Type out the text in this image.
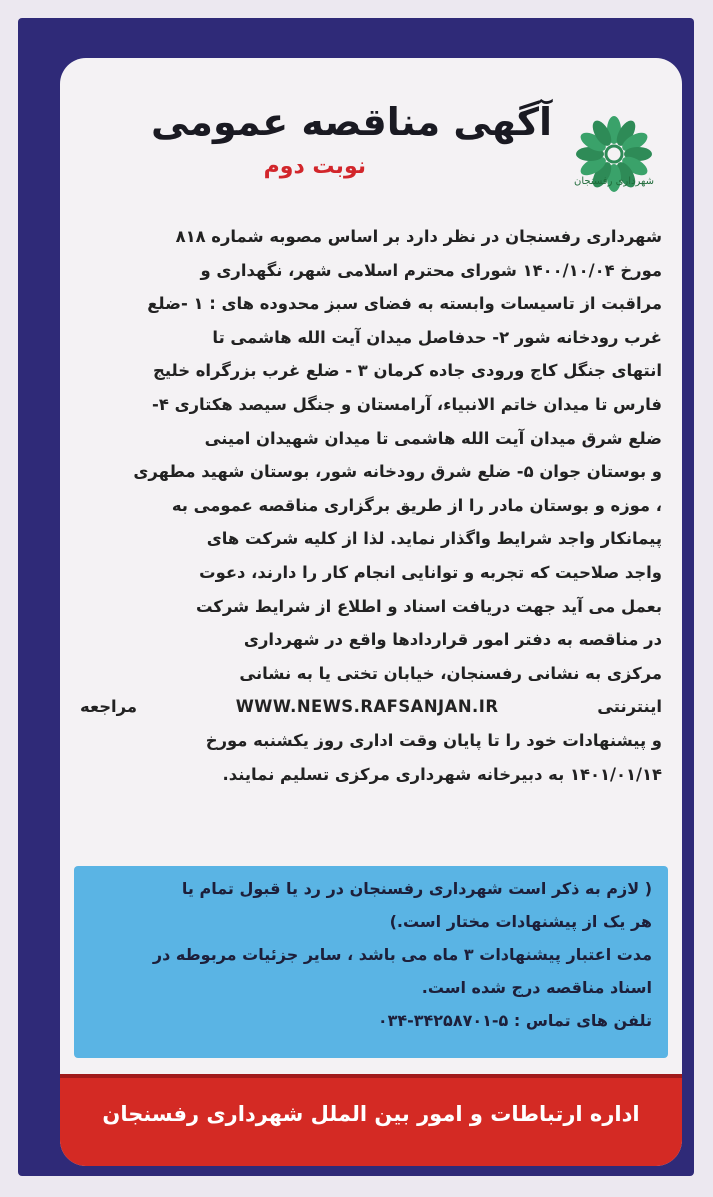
شهرداری رفسنجان
آگهی مناقصه عمومی
نوبت دوم
شهرداری رفسنجان در نظر دارد بر اساس مصوبه شماره ۸۱۸
مورخ ۱۴۰۰/۱۰/۰۴ شورای محترم اسلامی شهر، نگهداری و
مراقبت از تاسیسات وابسته به فضای سبز محدوده های : ۱ -ضلع
غرب رودخانه شور ۲- حدفاصل میدان آیت الله هاشمی تا
انتهای جنگل کاج ورودی جاده کرمان ۳ - ضلع غرب بزرگراه خلیج
فارس تا میدان خاتم الانبیاء، آرامستان و جنگل سیصد هکتاری ۴-
ضلع شرق میدان آیت الله هاشمی تا میدان شهیدان امینی
و بوستان جوان ۵- ضلع شرق رودخانه شور، بوستان شهید مطهری
، موزه و بوستان مادر را از طریق برگزاری مناقصه عمومی به
پیمانکار واجد شرایط واگذار نماید. لذا از کلیه شرکت های
واجد صلاحیت که تجربه و توانایی انجام کار را دارند، دعوت
بعمل می آید جهت دریافت اسناد و اطلاع از شرایط شرکت
در مناقصه به دفتر امور قراردادها واقع در شهرداری
مرکزی به نشانی رفسنجان، خیابان تختی یا به نشانی
اینترنتی
WWW.NEWS.RAFSANJAN.IR
مراجعه
و پیشنهادات خود را تا پایان وقت اداری روز یکشنبه مورخ
۱۴۰۱/۰۱/۱۴ به دبیرخانه شهرداری مرکزی تسلیم نمایند.
( لازم به ذکر است شهرداری رفسنجان در رد یا قبول تمام یا
هر یک از پیشنهادات مختار است.)
مدت اعتبار پیشنهادات ۳ ماه می باشد ، سایر جزئیات مربوطه در
اسناد مناقصه درج شده است.
تلفن های تماس : ۵-۳۴۲۵۸۷۰۱-۰۳۴
اداره ارتباطات و امور بین الملل شهرداری رفسنجان
